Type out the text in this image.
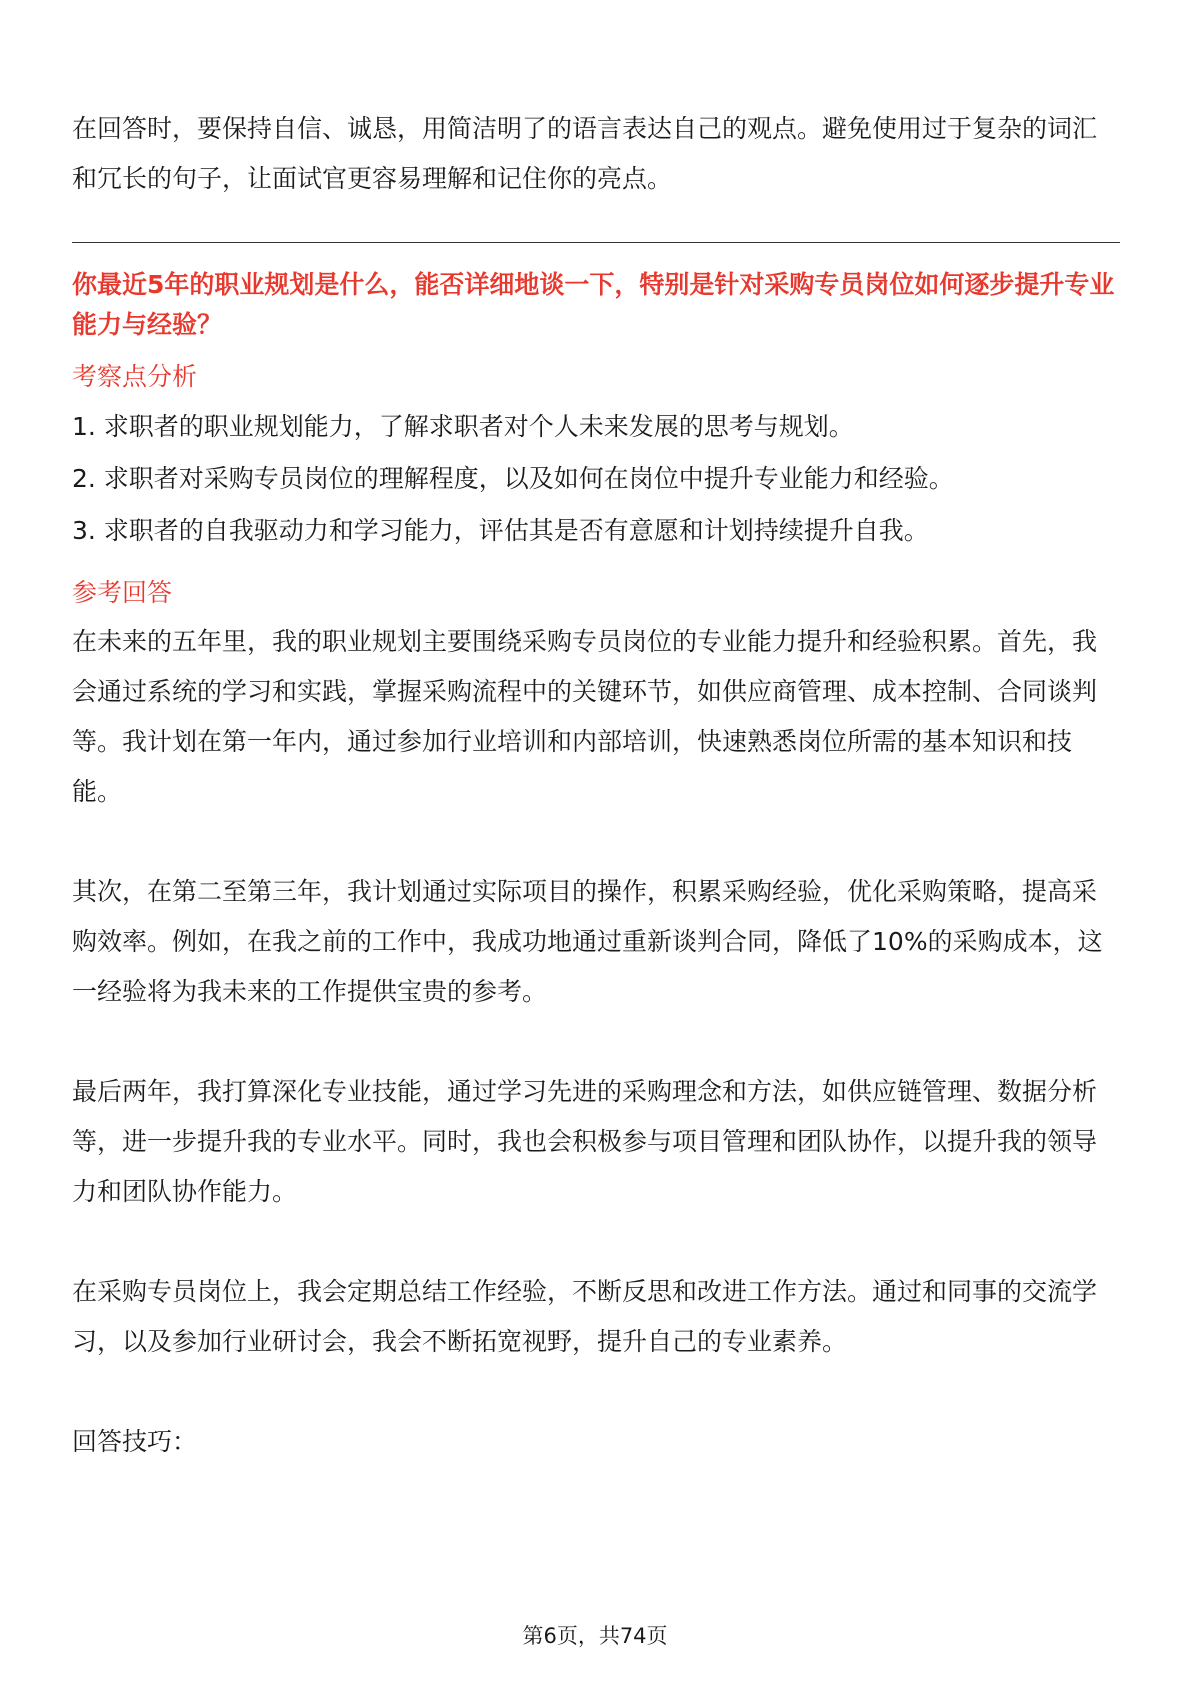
在回答时，要保持自信、诚恳，用简洁明了的语言表达自己的观点。避免使用过于复杂的词汇和冗长的句子，让面试官更容易理解和记住你的亮点。

你最近5年的职业规划是什么，能否详细地谈一下，特别是针对采购专员岗位如何逐步提升专业能力与经验？
考察点分析

1. 求职者的职业规划能力，了解求职者对个人未来发展的思考与规划。

2. 求职者对采购专员岗位的理解程度，以及如何在岗位中提升专业能力和经验。

3. 求职者的自我驱动力和学习能力，评估其是否有意愿和计划持续提升自我。

参考回答

在未来的五年里，我的职业规划主要围绕采购专员岗位的专业能力提升和经验积累。首先，我会通过系统的学习和实践，掌握采购流程中的关键环节，如供应商管理、成本控制、合同谈判等。我计划在第一年内，通过参加行业培训和内部培训，快速熟悉岗位所需的基本知识和技能。

其次，在第二至第三年，我计划通过实际项目的操作，积累采购经验，优化采购策略，提高采购效率。例如，在我之前的工作中，我成功地通过重新谈判合同，降低了10%的采购成本，这一经验将为我未来的工作提供宝贵的参考。

最后两年，我打算深化专业技能，通过学习先进的采购理念和方法，如供应链管理、数据分析等，进一步提升我的专业水平。同时，我也会积极参与项目管理和团队协作，以提升我的领导力和团队协作能力。

在采购专员岗位上，我会定期总结工作经验，不断反思和改进工作方法。通过和同事的交流学习，以及参加行业研讨会，我会不断拓宽视野，提升自己的专业素养。

回答技巧：

第6页，共74页
